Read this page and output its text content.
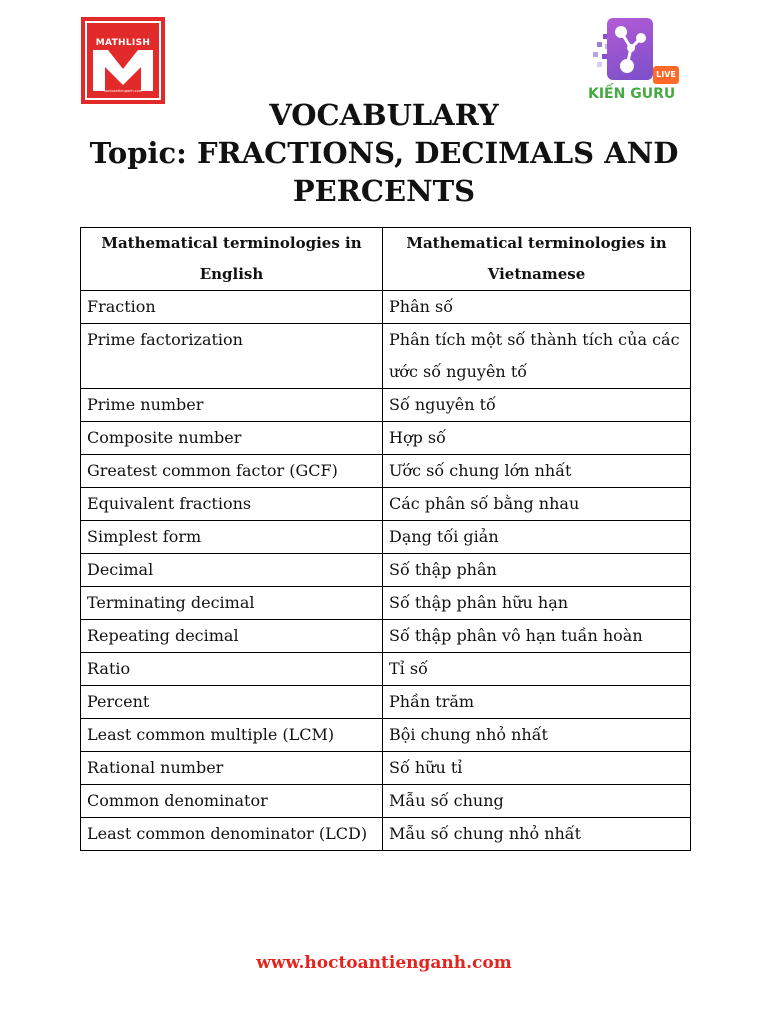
MATHLISH
hoctoantienganh.com
LIVE
KIẾN GURU
VOCABULARY
Topic: FRACTIONS, DECIMALS AND
PERCENTS
Mathematical terminologies in English	Mathematical terminologies in Vietnamese
Fraction	Phân số
Prime factorization	Phân tích một số thành tích của các ước số nguyên tố
Prime number	Số nguyên tố
Composite number	Hợp số
Greatest common factor (GCF)	Ước số chung lớn nhất
Equivalent fractions	Các phân số bằng nhau
Simplest form	Dạng tối giản
Decimal	Số thập phân
Terminating decimal	Số thập phân hữu hạn
Repeating decimal	Số thập phân vô hạn tuần hoàn
Ratio	Tỉ số
Percent	Phần trăm
Least common multiple (LCM)	Bội chung nhỏ nhất
Rational number	Số hữu tỉ
Common denominator	Mẫu số chung
Least common denominator (LCD)	Mẫu số chung nhỏ nhất
www.hoctoantienganh.com
